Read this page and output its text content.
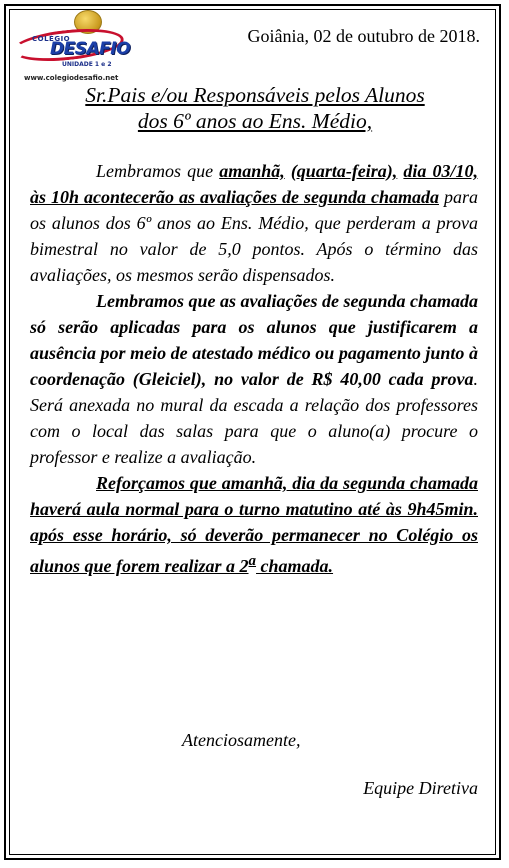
COLÉGIO
DESAFIO
UNIDADE 1 e 2
www.colegiodesafio.net
Goiânia, 02 de outubro de 2018.
Sr.Pais e/ou Responsáveis pelos Alunos
dos 6º anos ao Ens. Médio,

Lembramos que amanhã, (quarta-feira), dia 03/10, às 10h acontecerão as avaliações de segunda chamada para os alunos dos 6º anos ao Ens. Médio, que perderam a prova bimestral no valor de 5,0 pontos. Após o término das avaliações, os mesmos serão dispensados.

Lembramos que as avaliações de segunda chamada só serão aplicadas para os alunos que justificarem a ausência por meio de atestado médico ou pagamento junto à coordenação (Gleiciel), no valor de R$ 40,00 cada prova. Será anexada no mural da escada a relação dos professores com o local das salas para que o aluno(a) procure o professor e realize a avaliação.

Reforçamos que amanhã, dia da segunda chamada haverá aula normal para o turno matutino até às 9h45min. após esse horário, só deverão permanecer no Colégio os alunos que forem realizar a 2$^a$ chamada.

Atenciosamente,
Equipe Diretiva
